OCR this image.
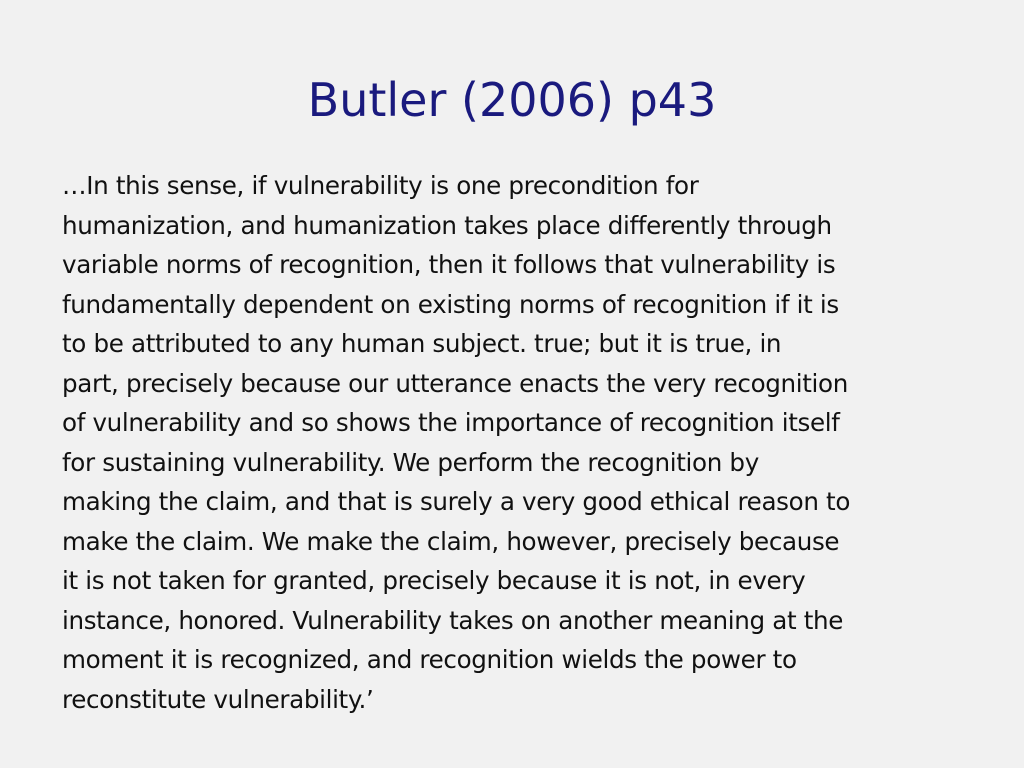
Butler (2006) p43
…In this sense, if vulnerability is one precondition for
humanization, and humanization takes place differently through
variable norms of recognition, then it follows that vulnerability is
fundamentally dependent on existing norms of recognition if it is
to be attributed to any human subject. true; but it is true, in
part, precisely because our utterance enacts the very recognition
of vulnerability and so shows the importance of recognition itself
for sustaining vulnerability. We perform the recognition by
making the claim, and that is surely a very good ethical reason to
make the claim. We make the claim, however, precisely because
it is not taken for granted, precisely because it is not, in every
instance, honored. Vulnerability takes on another meaning at the
moment it is recognized, and recognition wields the power to
reconstitute vulnerability.’
